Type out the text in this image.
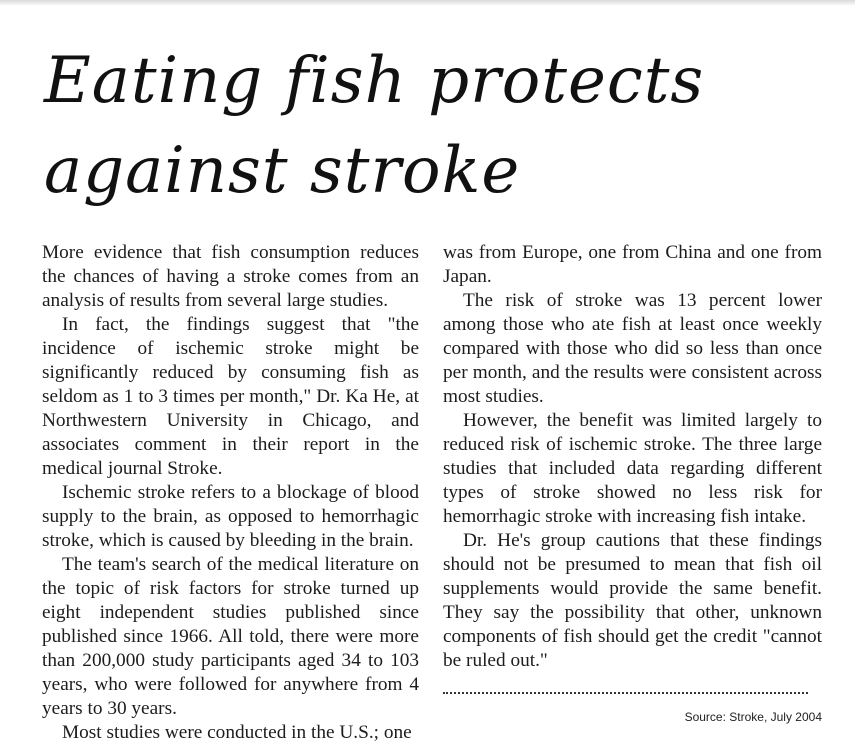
Eating fish protects against stroke

More evidence that fish consumption reduces the chances of having a stroke comes from an analysis of results from several large studies.

In fact, the findings suggest that "the incidence of ischemic stroke might be significantly reduced by consuming fish as seldom as 1 to 3 times per month," Dr. Ka He, at Northwestern University in Chicago, and associates comment in their report in the medical journal Stroke.

Ischemic stroke refers to a blockage of blood supply to the brain, as opposed to hemorrhagic stroke, which is caused by bleeding in the brain.

The team's search of the medical literature on the topic of risk factors for stroke turned up eight independent studies published since published since 1966. All told, there were more than 200,000 study participants aged 34 to 103 years, who were followed for anywhere from 4 years to 30 years.

Most studies were conducted in the U.S.; one

was from Europe, one from China and one from Japan.

The risk of stroke was 13 percent lower among those who ate fish at least once weekly compared with those who did so less than once per month, and the results were consistent across most studies.

However, the benefit was limited largely to reduced risk of ischemic stroke. The three large studies that included data regarding different types of stroke showed no less risk for hemorrhagic stroke with increasing fish intake.

Dr. He's group cautions that these findings should not be presumed to mean that fish oil supplements would provide the same benefit. They say the possibility that other, unknown components of fish should get the credit "cannot be ruled out."

Source: Stroke, July 2004
